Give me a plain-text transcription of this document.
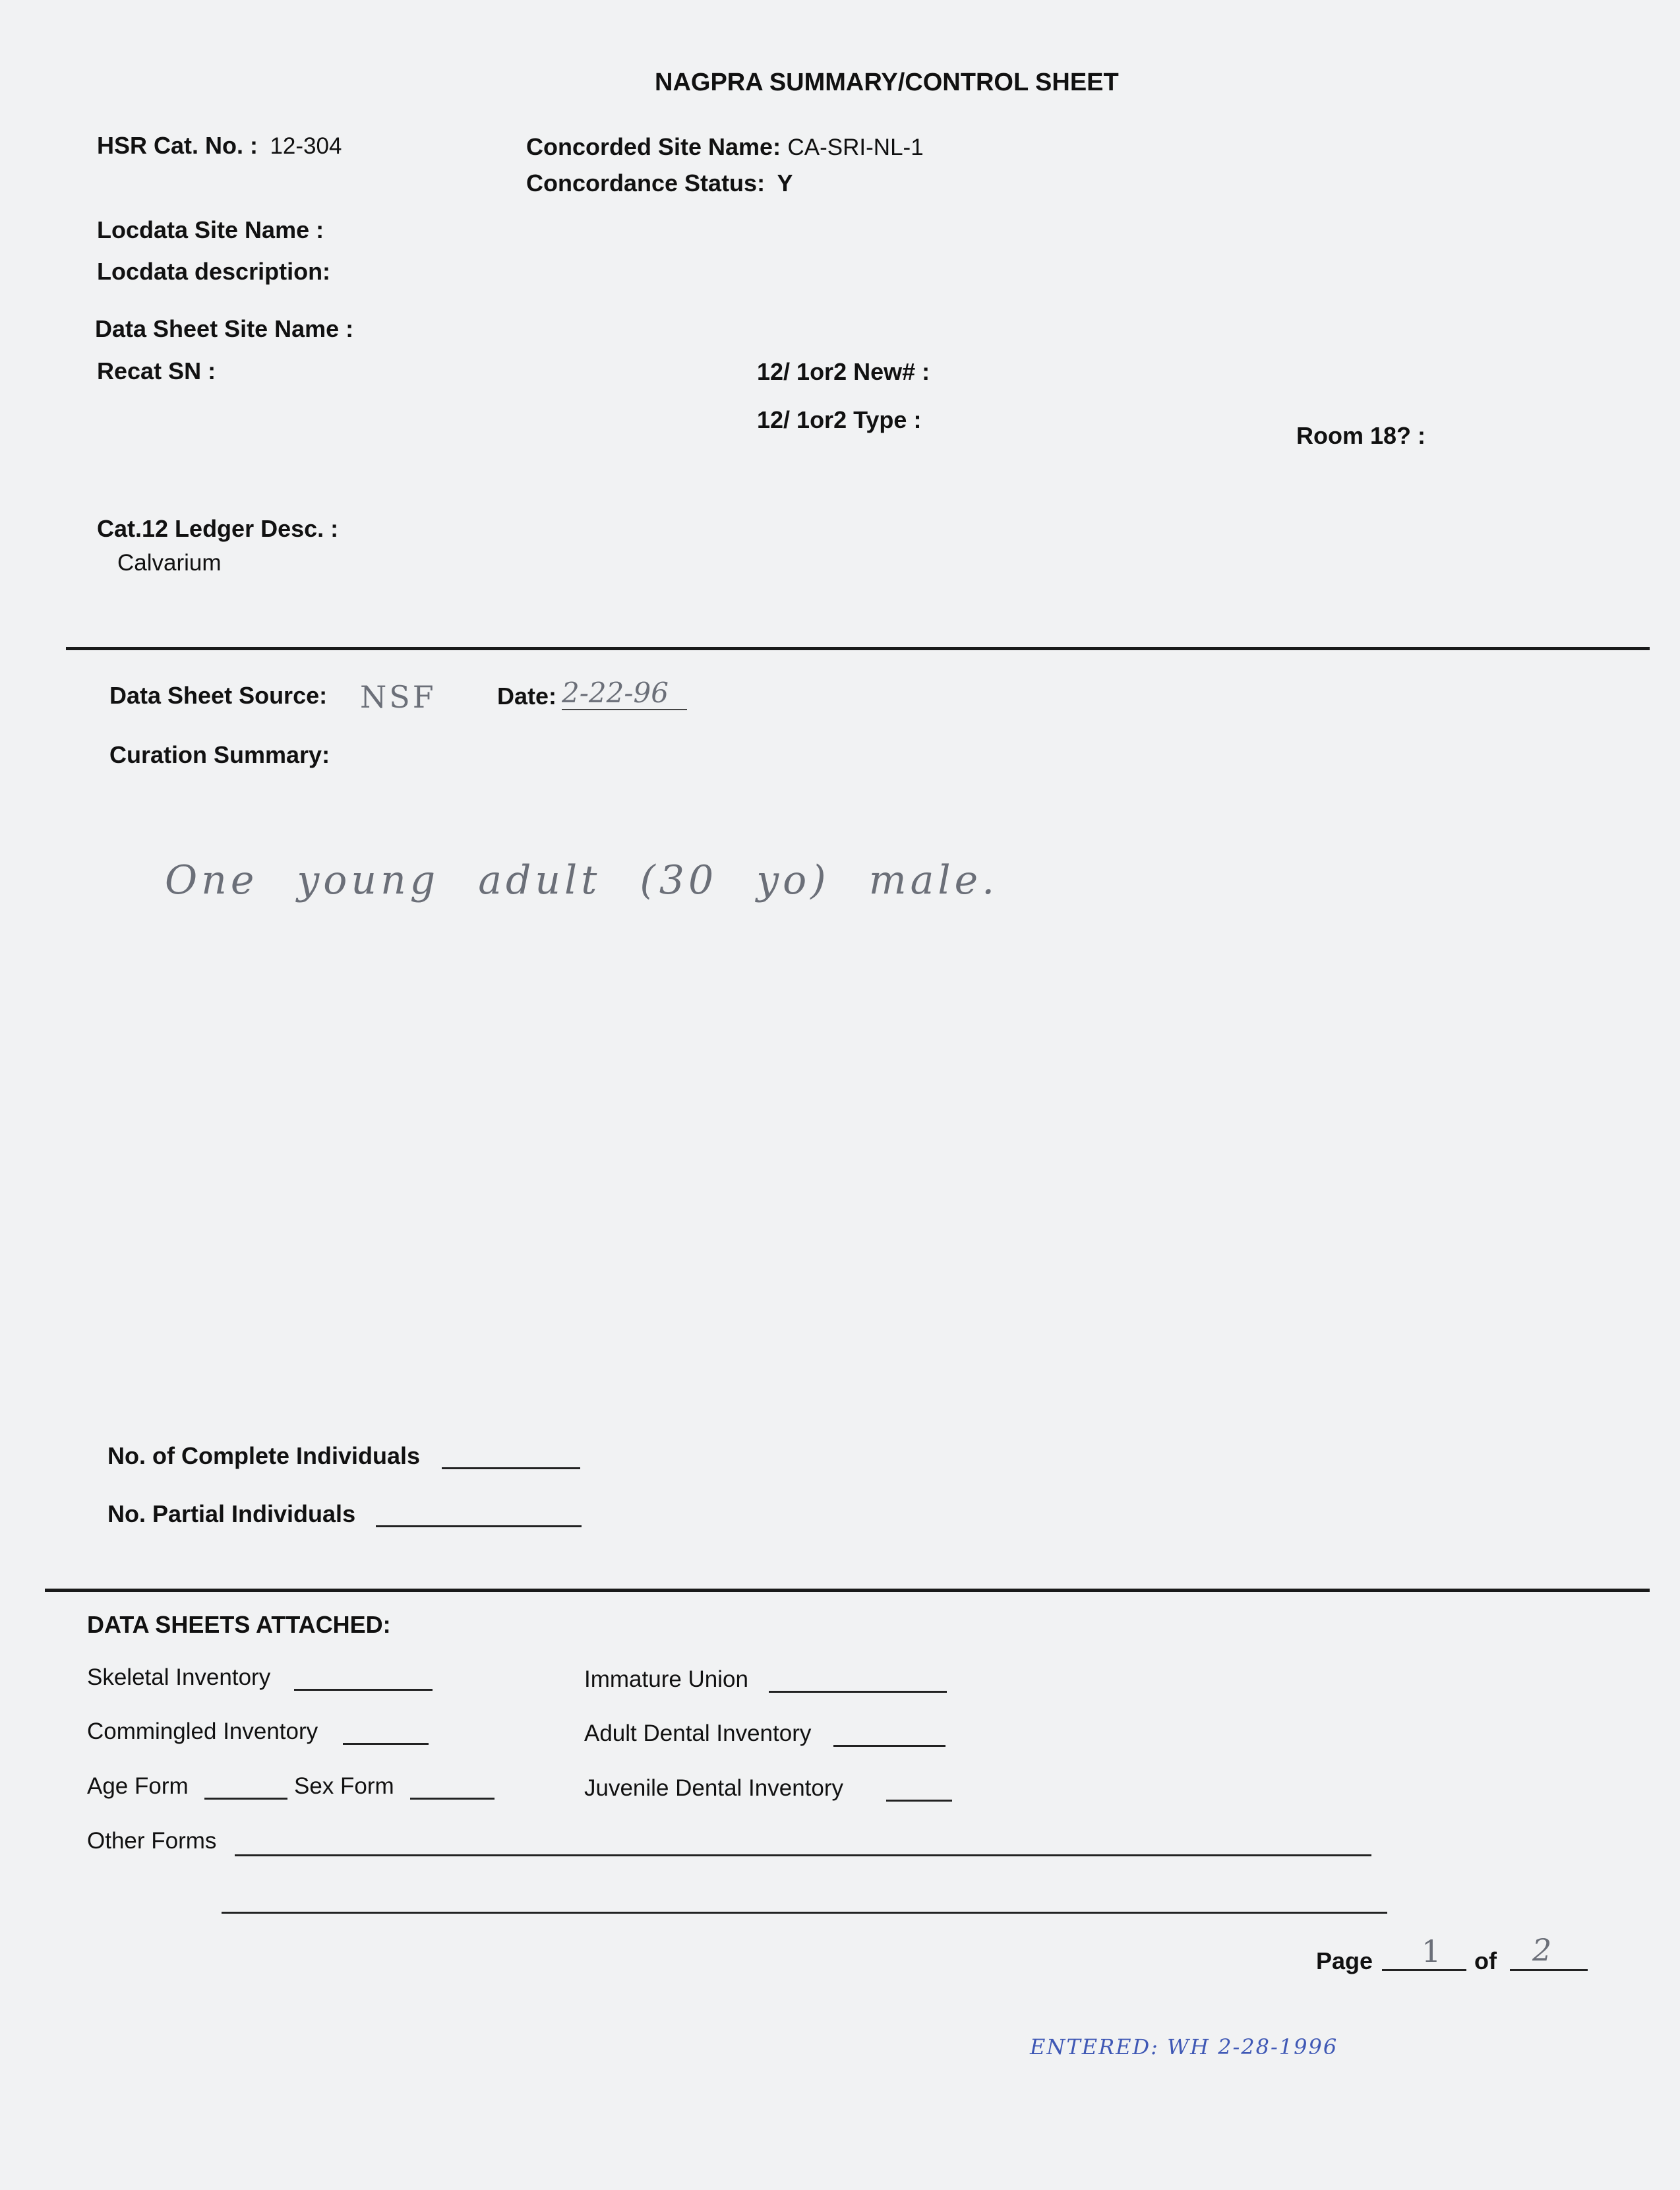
NAGPRA SUMMARY/CONTROL SHEET
HSR Cat. No. : 12-304	Concorded Site Name: CA-SRI-NL-1
Concordance Status: Y
Locdata Site Name :
Locdata description:
Data Sheet Site Name :
Recat SN :	12/ 1or2 New# :
12/ 1or2 Type :
Room 18? :
Cat.12 Ledger Desc. :
Calvarium
Data Sheet Source: NSF	Date: 2-22-96
Curation Summary:
One young adult (30 yo) male.
No. of Complete Individuals
No. Partial Individuals
DATA SHEETS ATTACHED:
Skeletal Inventory	Immature Union
Commingled Inventory	Adult Dental Inventory
Age Form	Sex Form	Juvenile Dental Inventory
Other Forms
Page 1 of 2
ENTERED: WH 2-28-1996
